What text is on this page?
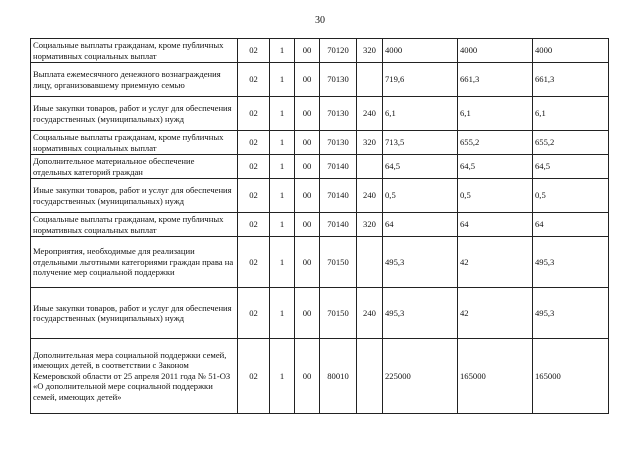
30
Социальные выплаты гражданам, кроме публичных нормативных социальных выплат	02	1	00	70120	320	4000	4000	4000
Выплата ежемесячного денежного вознаграждения лицу, организовавшему приемную семью	02	1	00	70130		719,6	661,3	661,3
Иные закупки товаров, работ и услуг для обеспечения государственных (муниципальных) нужд	02	1	00	70130	240	6,1	6,1	6,1
Социальные выплаты гражданам, кроме публичных нормативных социальных выплат	02	1	00	70130	320	713,5	655,2	655,2
Дополнительное материальное обеспечение отдельных категорий граждан	02	1	00	70140		64,5	64,5	64,5
Иные закупки товаров, работ и услуг для обеспечения государственных (муниципальных) нужд	02	1	00	70140	240	0,5	0,5	0,5
Социальные выплаты гражданам, кроме публичных нормативных социальных выплат	02	1	00	70140	320	64	64	64
Мероприятия, необходимые для реализации отдельными льготными категориями граждан права на получение мер социальной поддержки	02	1	00	70150		495,3	42	495,3
Иные закупки товаров, работ и услуг для обеспечения государственных (муниципальных) нужд	02	1	00	70150	240	495,3	42	495,3
Дополнительная мера социальной поддержки семей, имеющих детей, в соответствии с Законом Кемеровской области от 25 апреля 2011 года № 51-ОЗ «О дополнительной мере социальной поддержки семей, имеющих детей»	02	1	00	80010		225000	165000	165000
